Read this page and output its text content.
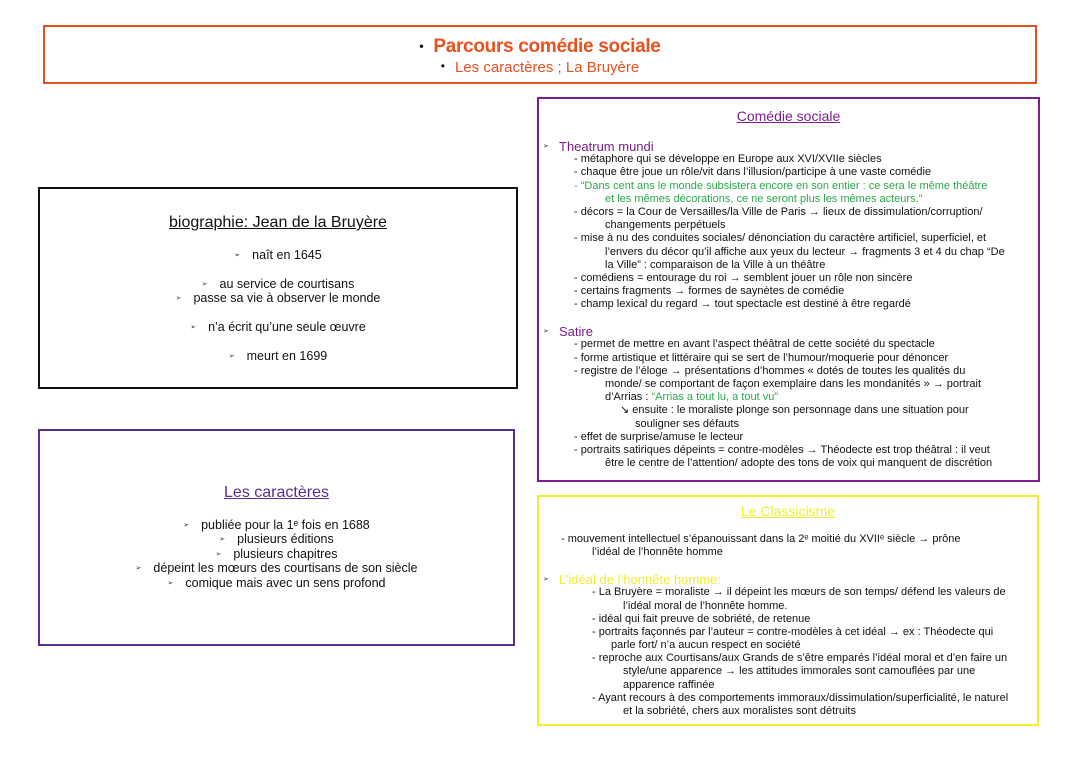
• Parcours comédie sociale
• Les caractères ; La Bruyère
biographie: Jean de la Bruyère
➢ naît en 1645
➢ au service de courtisans
➢ passe sa vie à observer le monde
➢ n’a écrit qu’une seule œuvre
➢ meurt en 1699
Les caractères
➢ publiée pour la 1ᵉ fois en 1688
➢ plusieurs éditions
➢ plusieurs chapitres
➢ dépeint les mœurs des courtisans de son siècle
➢ comique mais avec un sens profond
Comédie sociale
➢ Theatrum mundi
- métaphore qui se développe en Europe aux XVI/XVIIe siècles
- chaque être joue un rôle/vit dans l’illusion/participe à une vaste comédie
- “Dans cent ans le monde subsistera encore en son entier : ce sera le même théâtre
et les mêmes décorations, ce ne seront plus les mêmes acteurs.”
- décors = la Cour de Versailles/la Ville de Paris → lieux de dissimulation/corruption/
changements perpétuels
- mise à nu des conduites sociales/ dénonciation du caractère artificiel, superficiel, et
l’envers du décor qu’il affiche aux yeux du lecteur → fragments 3 et 4 du chap “De
la Ville” : comparaison de la Ville à un théâtre
- comédiens = entourage du roi → semblent jouer un rôle non sincère
- certains fragments → formes de saynètes de comédie
- champ lexical du regard → tout spectacle est destiné à être regardé
➢ Satire
- permet de mettre en avant l’aspect théâtral de cette société du spectacle
- forme artistique et littéraire qui se sert de l’humour/moquerie pour dénoncer
- registre de l’éloge → présentations d’hommes « dotés de toutes les qualités du
monde/ se comportant de façon exemplaire dans les mondanités » → portrait
d’Arrias : “Arrias a tout lu, a tout vu”
↘ ensuite : le moraliste plonge son personnage dans une situation pour
souligner ses défauts
- effet de surprise/amuse le lecteur
- portraits satiriques dépeints = contre-modèles → Théodecte est trop théâtral : il veut
être le centre de l’attention/ adopte des tons de voix qui manquent de discrétion
Le Classicisme
- mouvement intellectuel s’épanouissant dans la 2ᵉ moitié du XVIIᵉ siècle → prône
l’idéal de l’honnête homme
➢ L’idéal de l’honnête homme:
- La Bruyère = moraliste → il dépeint les mœurs de son temps/ défend les valeurs de
l’idéal moral de l’honnête homme.
- idéal qui fait preuve de sobriété, de retenue
- portraits façonnés par l’auteur = contre-modèles à cet idéal → ex : Théodecte qui
parle fort/ n’a aucun respect en société
- reproche aux Courtisans/aux Grands de s’être emparés l’idéal moral et d’en faire un
style/une apparence → les attitudes immorales sont camouflées par une
apparence raffinée
- Ayant recours à des comportements immoraux/dissimulation/superficialité, le naturel
et la sobriété, chers aux moralistes sont détruits
